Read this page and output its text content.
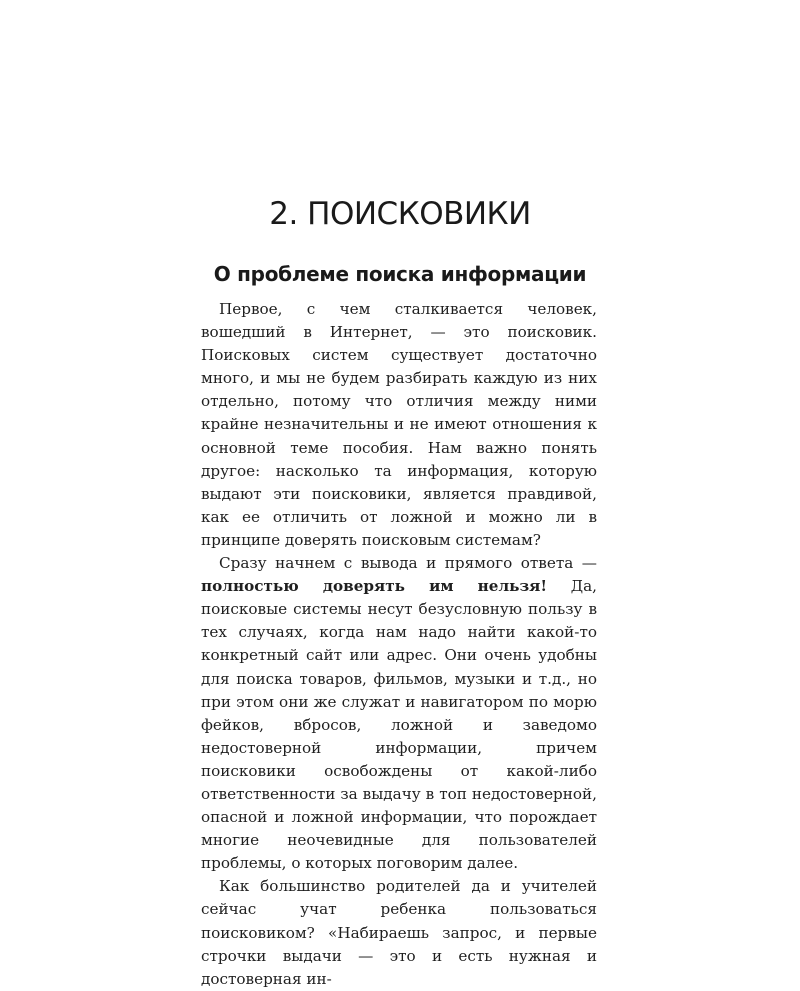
2. ПОИСКОВИКИ
О проблеме поиска информации

Первое, с чем сталкивается человек, вошедший в Интернет, — это поисковик. Поисковых систем существует достаточно много, и мы не будем разбирать каждую из них отдельно, потому что отличия между ними крайне незначительны и не имеют отношения к основной теме пособия. Нам важно понять другое: насколько та информация, которую выдают эти поисковики, является правдивой, как ее отличить от ложной и можно ли в принципе доверять поисковым системам?

Сразу начнем с вывода и прямого ответа — полностью доверять им нельзя! Да, поисковые системы несут безусловную пользу в тех случаях, когда нам надо найти какой-то конкретный сайт или адрес. Они очень удобны для поиска товаров, фильмов, музыки и т.д., но при этом они же служат и навигатором по морю фейков, вбросов, ложной и заведомо недостоверной информации, причем поисковики освобождены от какой-либо ответственности за выдачу в топ недостоверной, опасной и ложной информации, что порождает многие неочевидные для пользователей проблемы, о которых поговорим далее.

Как большинство родителей да и учителей сейчас учат ребенка пользоваться поисковиком? «Набираешь запрос, и первые строчки выдачи — это и есть нужная и достоверная ин-
